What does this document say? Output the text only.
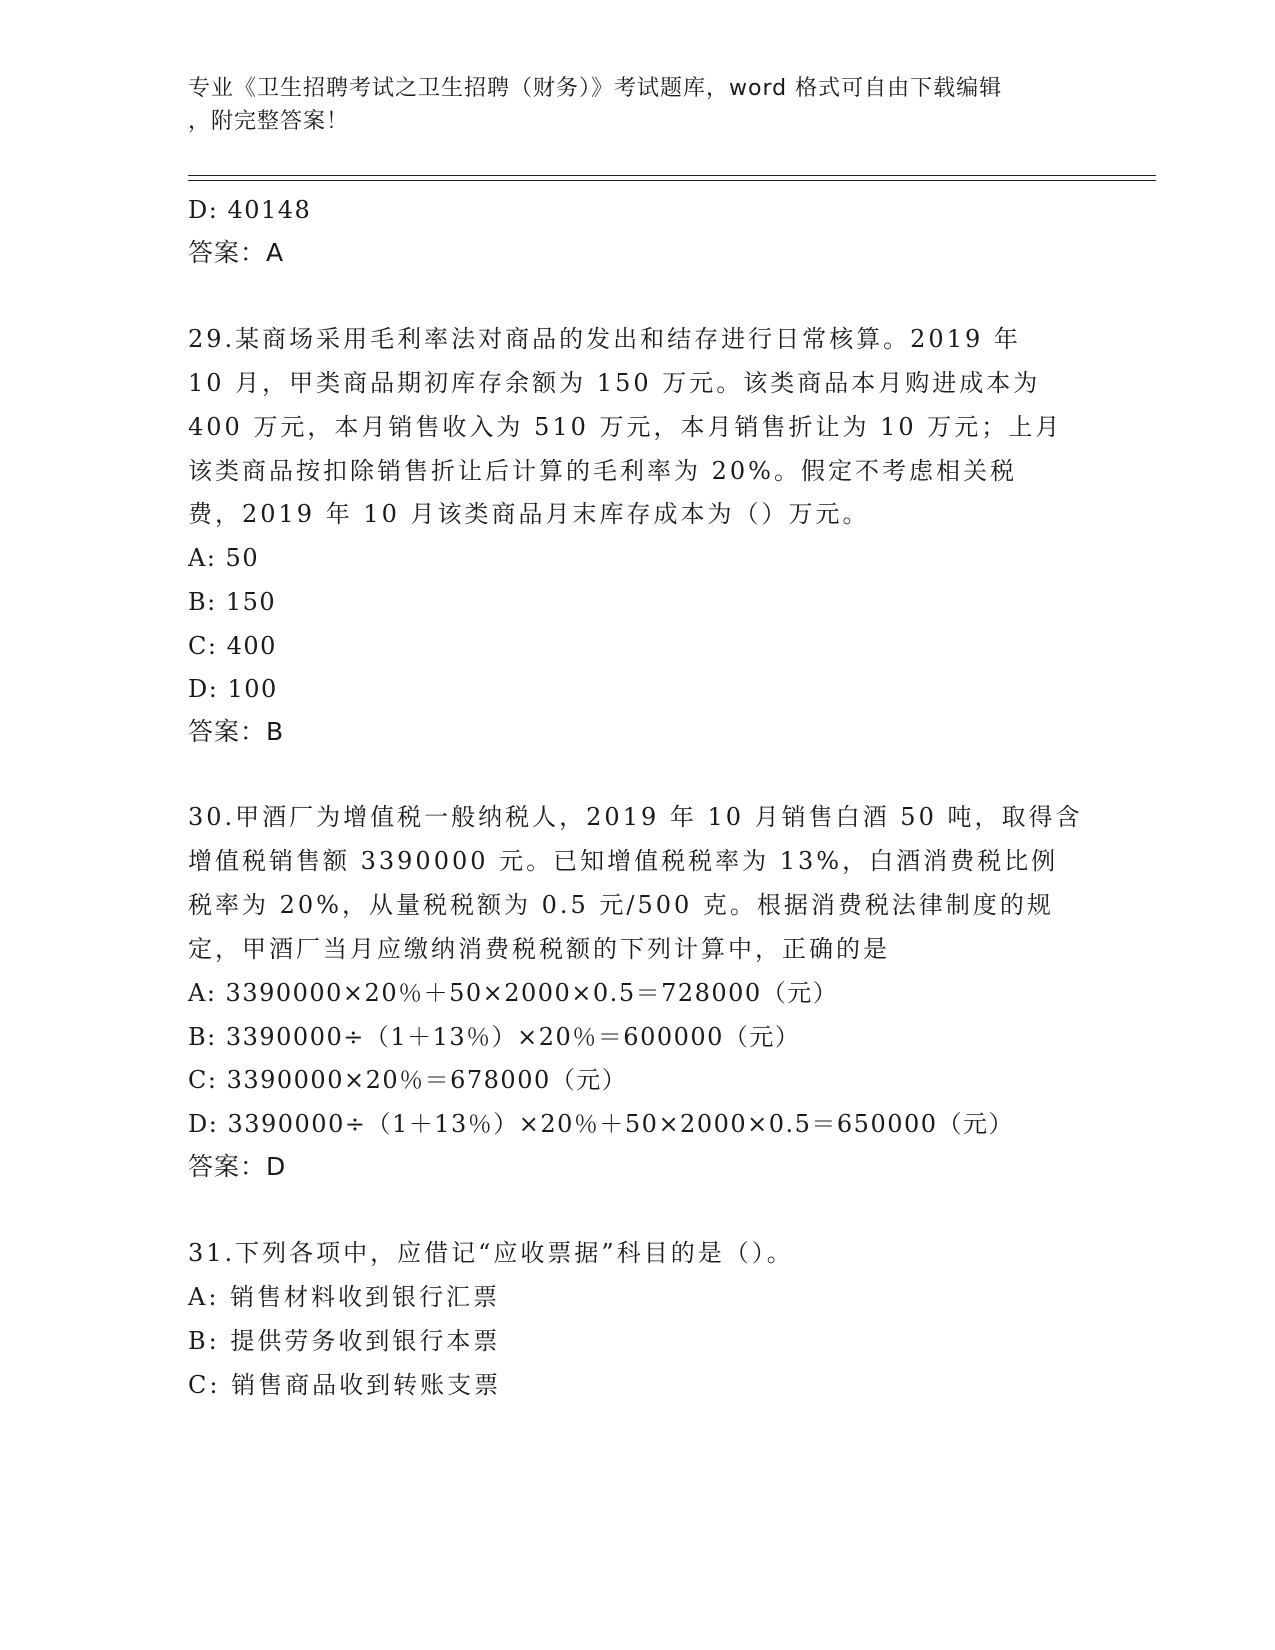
专业《卫生招聘考试之卫生招聘（财务）》考试题库，word 格式可自由下载编辑
，附完整答案！
D: 40148
答案：A
29.某商场采用毛利率法对商品的发出和结存进行日常核算。2019 年
10 月，甲类商品期初库存余额为 150 万元。该类商品本月购进成本为
400 万元，本月销售收入为 510 万元，本月销售折让为 10 万元；上月
该类商品按扣除销售折让后计算的毛利率为 20%。假定不考虑相关税
费，2019 年 10 月该类商品月末库存成本为（）万元。
A: 50
B: 150
C: 400
D: 100
答案：B
30.甲酒厂为增值税一般纳税人，2019 年 10 月销售白酒 50 吨，取得含
增值税销售额 3390000 元。已知增值税税率为 13%，白酒消费税比例
税率为 20%，从量税税额为 0.5 元/500 克。根据消费税法律制度的规
定，甲酒厂当月应缴纳消费税税额的下列计算中，正确的是
A: 3390000×20％＋50×2000×0.5＝728000（元）
B: 3390000÷（1＋13％）×20％＝600000（元）
C: 3390000×20％＝678000（元）
D: 3390000÷（1＋13％）×20％＋50×2000×0.5＝650000（元）
答案：D
31.下列各项中，应借记“应收票据”科目的是（）。
A: 销售材料收到银行汇票
B: 提供劳务收到银行本票
C: 销售商品收到转账支票
